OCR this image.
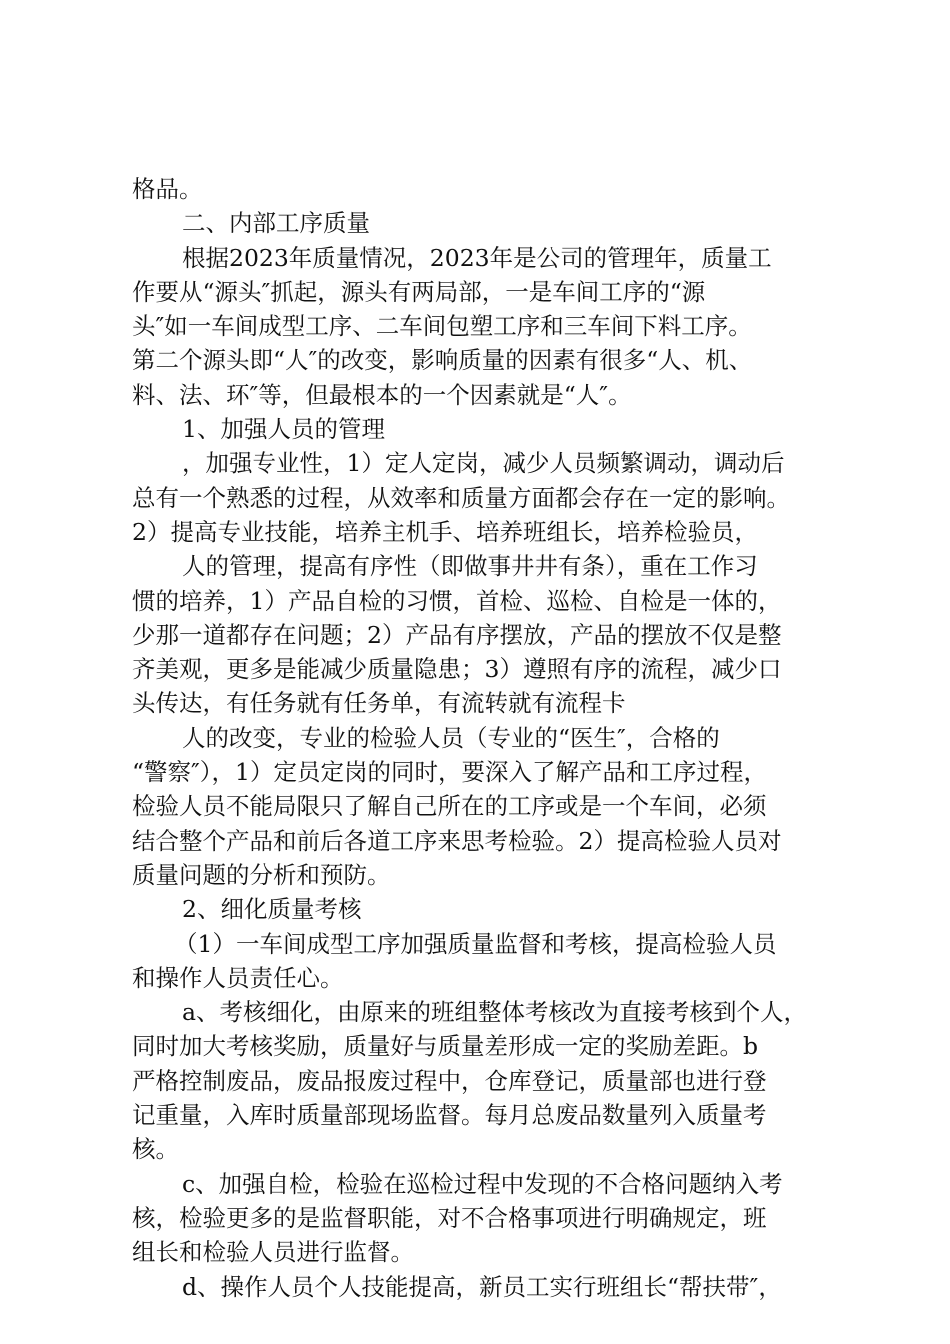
格品。
二、内部工序质量
根据2023年质量情况，2023年是公司的管理年，质量工
作要从“源头″抓起，源头有两局部，一是车间工序的“源
头″如一车间成型工序、二车间包塑工序和三车间下料工序。
第二个源头即“人″的改变，影响质量的因素有很多“人、机、
料、法、环″等，但最根本的一个因素就是“人″。
1、加强人员的管理
，加强专业性，1）定人定岗，减少人员频繁调动，调动后
总有一个熟悉的过程，从效率和质量方面都会存在一定的影响。
2）提高专业技能，培养主机手、培养班组长，培养检验员，
人的管理，提高有序性（即做事井井有条），重在工作习
惯的培养，1）产品自检的习惯，首检、巡检、自检是一体的，
少那一道都存在问题；2）产品有序摆放，产品的摆放不仅是整
齐美观，更多是能减少质量隐患；3）遵照有序的流程，减少口
头传达，有任务就有任务单，有流转就有流程卡
人的改变，专业的检验人员（专业的“医生″，合格的
“警察″），1）定员定岗的同时，要深入了解产品和工序过程，
检验人员不能局限只了解自己所在的工序或是一个车间，必须
结合整个产品和前后各道工序来思考检验。2）提高检验人员对
质量问题的分析和预防。
2、细化质量考核
（1）一车间成型工序加强质量监督和考核，提高检验人员
和操作人员责任心。
a、考核细化，由原来的班组整体考核改为直接考核到个人，
同时加大考核奖励，质量好与质量差形成一定的奖励差距。b
严格控制废品，废品报废过程中，仓库登记，质量部也进行登
记重量，入库时质量部现场监督。每月总废品数量列入质量考
核。
c、加强自检，检验在巡检过程中发现的不合格问题纳入考
核，检验更多的是监督职能，对不合格事项进行明确规定，班
组长和检验人员进行监督。
d、操作人员个人技能提高，新员工实行班组长“帮扶带″，
